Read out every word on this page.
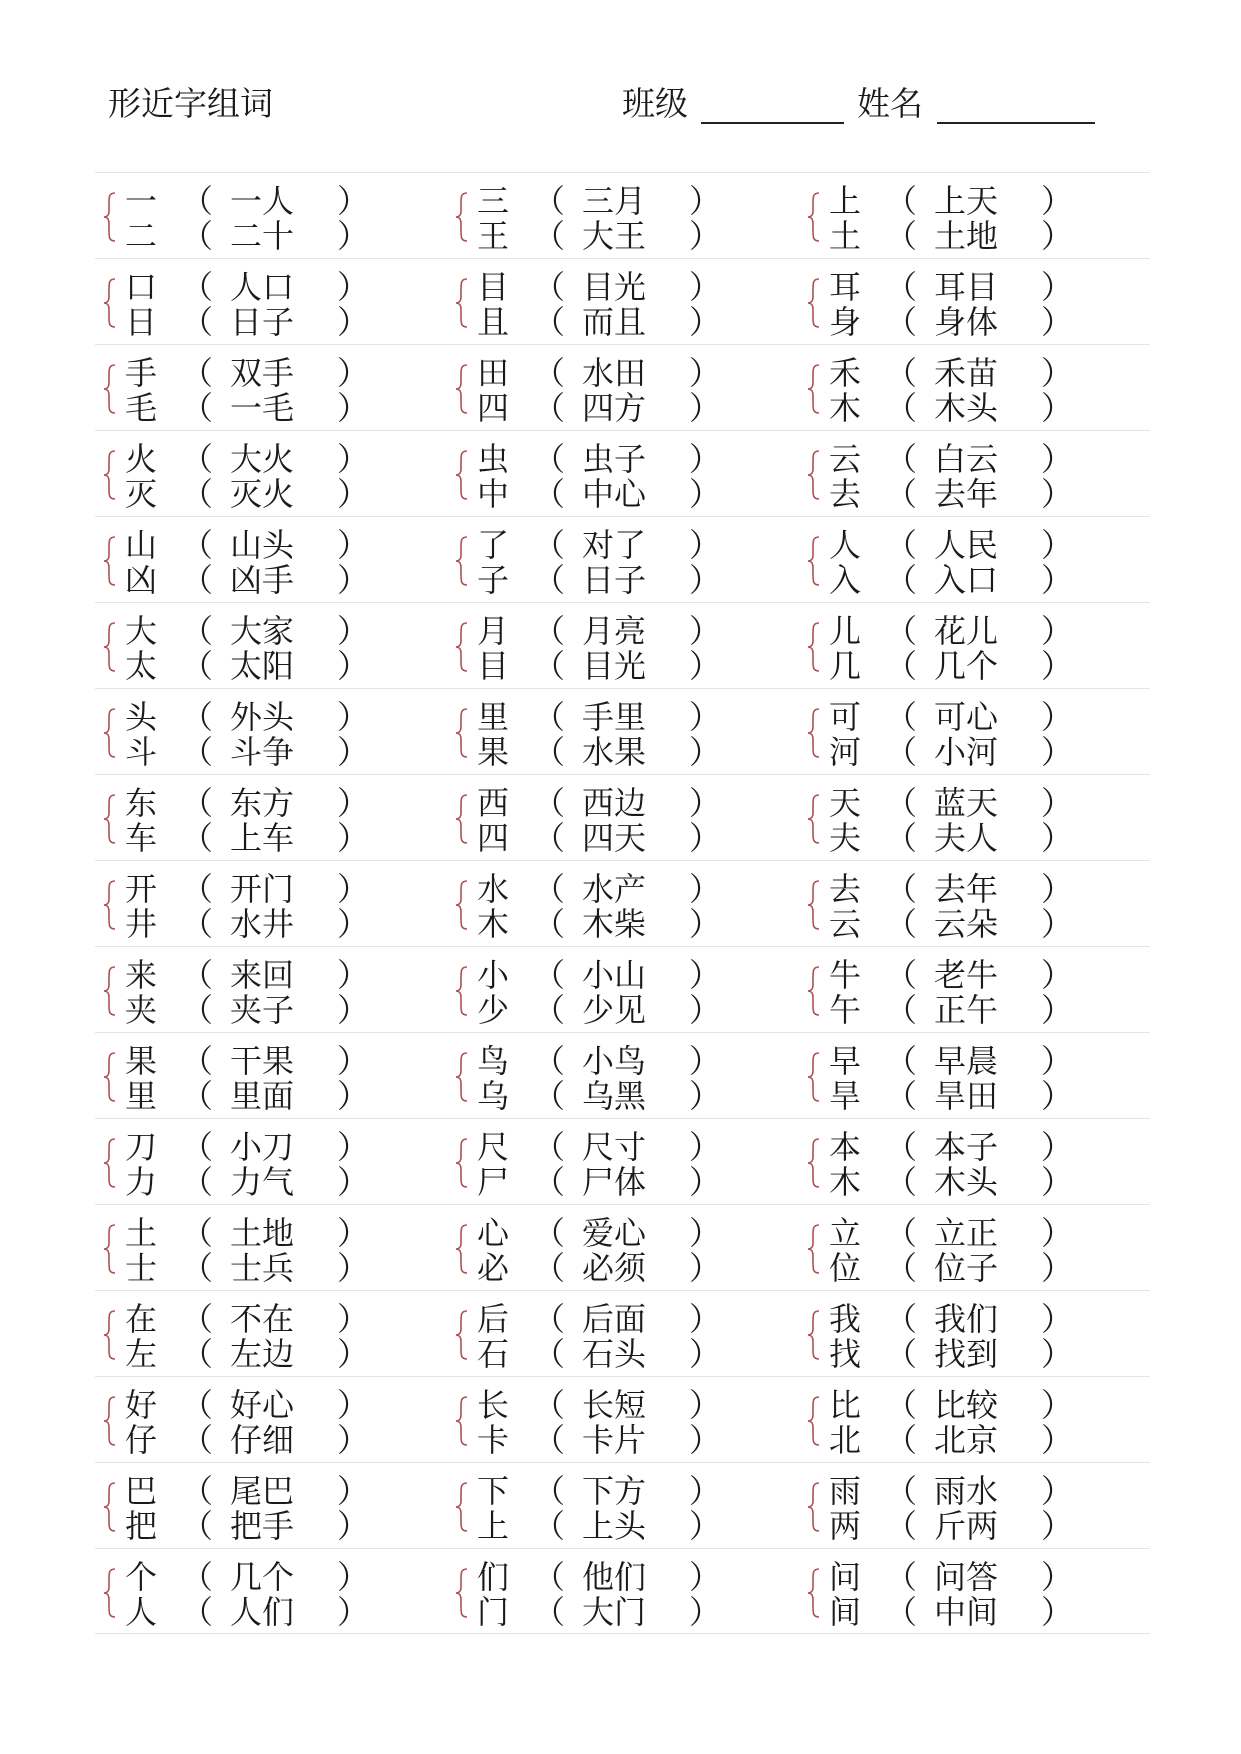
形近字组词	班级	姓名
一 （ 一人 ）
二 （ 二十 ）
三 （ 三月 ）
王 （ 大王 ）
上 （ 上天 ）
土 （ 土地 ）
口 （ 人口 ）
日 （ 日子 ）
目 （ 目光 ）
且 （ 而且 ）
耳 （ 耳目 ）
身 （ 身体 ）
手 （ 双手 ）
毛 （ 一毛 ）
田 （ 水田 ）
四 （ 四方 ）
禾 （ 禾苗 ）
木 （ 木头 ）
火 （ 大火 ）
灭 （ 灭火 ）
虫 （ 虫子 ）
中 （ 中心 ）
云 （ 白云 ）
去 （ 去年 ）
山 （ 山头 ）
凶 （ 凶手 ）
了 （ 对了 ）
子 （ 日子 ）
人 （ 人民 ）
入 （ 入口 ）
大 （ 大家 ）
太 （ 太阳 ）
月 （ 月亮 ）
目 （ 目光 ）
儿 （ 花儿 ）
几 （ 几个 ）
头 （ 外头 ）
斗 （ 斗争 ）
里 （ 手里 ）
果 （ 水果 ）
可 （ 可心 ）
河 （ 小河 ）
东 （ 东方 ）
车 （ 上车 ）
西 （ 西边 ）
四 （ 四天 ）
天 （ 蓝天 ）
夫 （ 夫人 ）
开 （ 开门 ）
井 （ 水井 ）
水 （ 水产 ）
木 （ 木柴 ）
去 （ 去年 ）
云 （ 云朵 ）
来 （ 来回 ）
夹 （ 夹子 ）
小 （ 小山 ）
少 （ 少见 ）
牛 （ 老牛 ）
午 （ 正午 ）
果 （ 干果 ）
里 （ 里面 ）
鸟 （ 小鸟 ）
乌 （ 乌黑 ）
早 （ 早晨 ）
旱 （ 旱田 ）
刀 （ 小刀 ）
力 （ 力气 ）
尺 （ 尺寸 ）
尸 （ 尸体 ）
本 （ 本子 ）
木 （ 木头 ）
土 （ 土地 ）
士 （ 士兵 ）
心 （ 爱心 ）
必 （ 必须 ）
立 （ 立正 ）
位 （ 位子 ）
在 （ 不在 ）
左 （ 左边 ）
后 （ 后面 ）
石 （ 石头 ）
我 （ 我们 ）
找 （ 找到 ）
好 （ 好心 ）
仔 （ 仔细 ）
长 （ 长短 ）
卡 （ 卡片 ）
比 （ 比较 ）
北 （ 北京 ）
巴 （ 尾巴 ）
把 （ 把手 ）
下 （ 下方 ）
上 （ 上头 ）
雨 （ 雨水 ）
两 （ 斤两 ）
个 （ 几个 ）
人 （ 人们 ）
们 （ 他们 ）
门 （ 大门 ）
问 （ 问答 ）
间 （ 中间 ）
